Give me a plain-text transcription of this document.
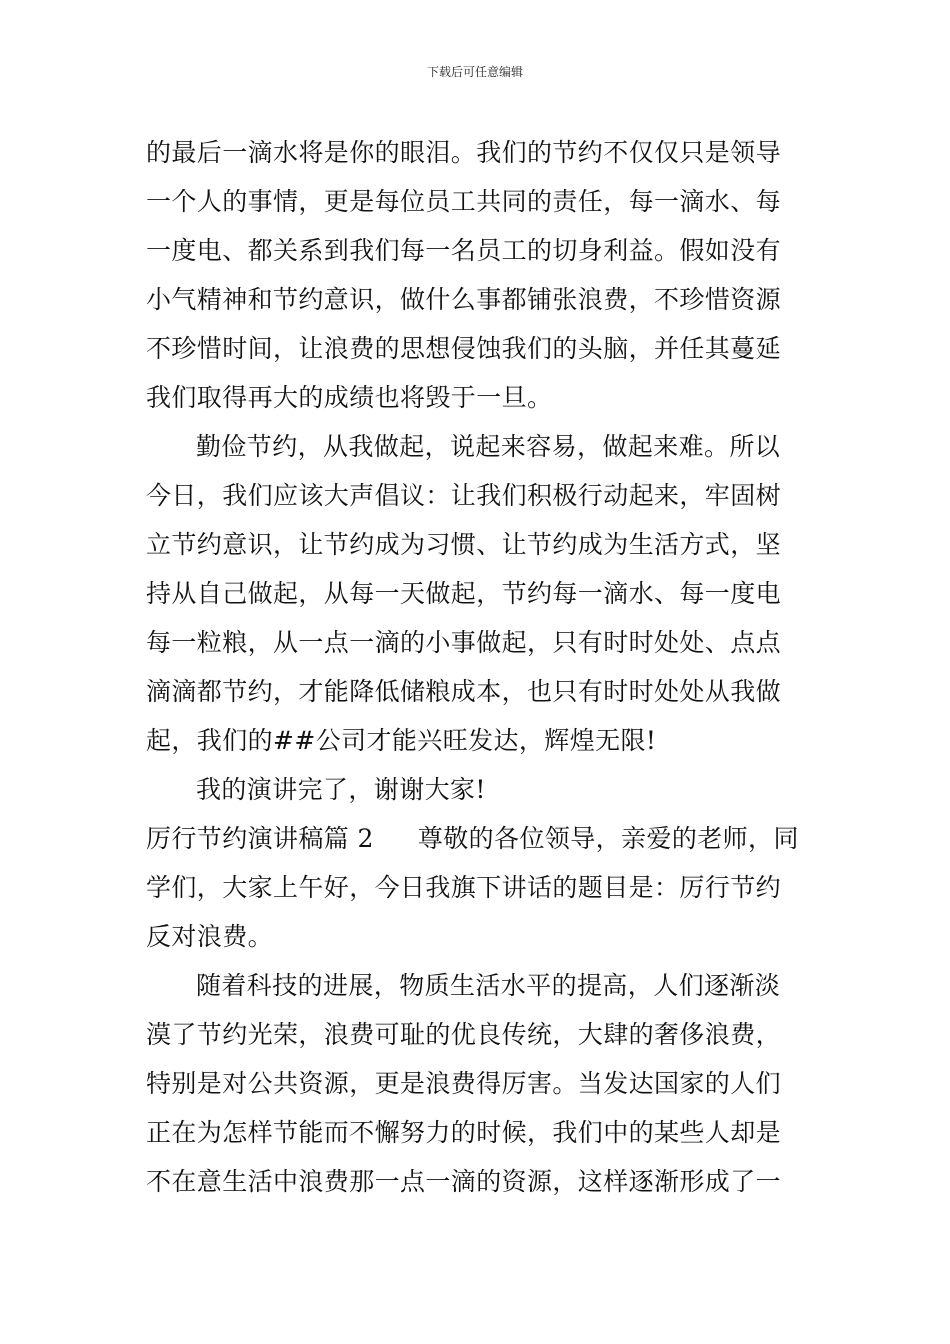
下载后可任意编辑
的最后一滴水将是你的眼泪。我们的节约不仅仅只是领导
一个人的事情，更是每位员工共同的责任，每一滴水、每
一度电、都关系到我们每一名员工的切身利益。假如没有
小气精神和节约意识，做什么事都铺张浪费，不珍惜资源
不珍惜时间，让浪费的思想侵蚀我们的头脑，并任其蔓延
我们取得再大的成绩也将毁于一旦。
勤俭节约，从我做起，说起来容易，做起来难。所以
今日，我们应该大声倡议：让我们积极行动起来，牢固树
立节约意识，让节约成为习惯、让节约成为生活方式，坚
持从自己做起，从每一天做起，节约每一滴水、每一度电
每一粒粮，从一点一滴的小事做起，只有时时处处、点点
滴滴都节约，才能降低储粮成本，也只有时时处处从我做
起，我们的##公司才能兴旺发达，辉煌无限!
我的演讲完了，谢谢大家!
厉行节约演讲稿篇 2 尊敬的各位领导，亲爱的老师，同
学们，大家上午好，今日我旗下讲话的题目是：厉行节约
反对浪费。
随着科技的进展，物质生活水平的提高，人们逐渐淡
漠了节约光荣，浪费可耻的优良传统，大肆的奢侈浪费，
特别是对公共资源，更是浪费得厉害。当发达国家的人们
正在为怎样节能而不懈努力的时候，我们中的某些人却是
不在意生活中浪费那一点一滴的资源，这样逐渐形成了一
